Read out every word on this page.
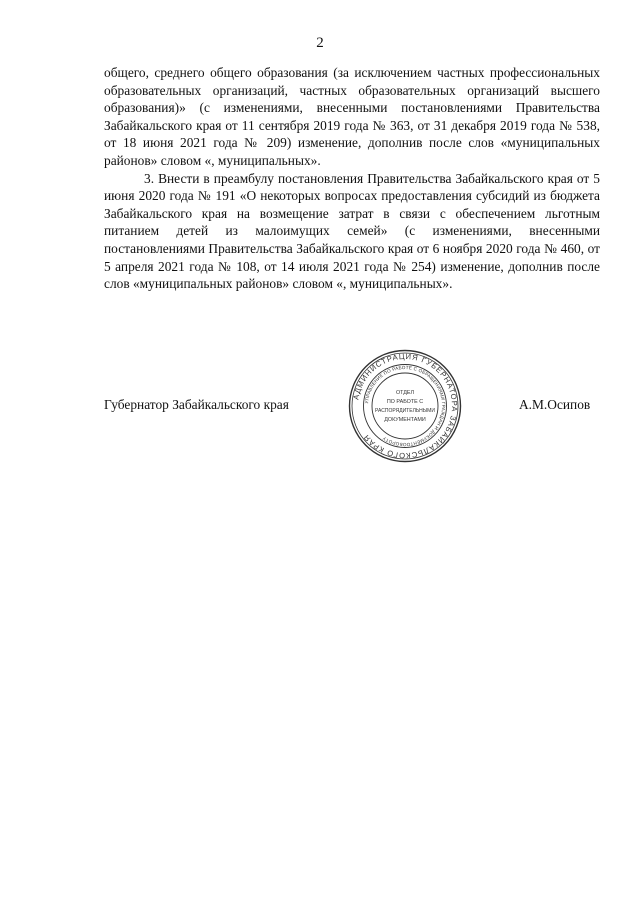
2

общего, среднего общего образования (за исключением частных профессиональных образовательных организаций, частных образовательных организаций высшего образования)» (с изменениями, внесенными постановлениями Правительства Забайкальского края от 11 сентября 2019 года № 363, от 31 декабря 2019 года № 538, от 18 июня 2021 года № 209) изменение, дополнив после слов «муниципальных районов» словом «, муниципальных».

3. Внести в преамбулу постановления Правительства Забайкальского края от 5 июня 2020 года № 191 «О некоторых вопросах предоставления субсидий из бюджета Забайкальского края на возмещение затрат в связи с обеспечением льготным питанием детей из малоимущих семей» (с изменениями, внесенными постановлениями Правительства Забайкальского края от 6 ноября 2020 года № 460, от 5 апреля 2021 года № 108, от 14 июля 2021 года № 254) изменение, дополнив после слов «муниципальных районов» словом «, муниципальных».

Губернатор Забайкальского края
АДМИНИСТРАЦИЯ ГУБЕРНАТОРА ЗАБАЙКАЛЬСКОГО КРАЯ
УПРАВЛЕНИЕ ПО РАБОТЕ С ОБРАЩЕНИЯМИ ГРАЖДАН И ДОКУМЕНТООБОРОТУ
ОТДЕЛ
ПО РАБОТЕ С
РАСПОРЯДИТЕЛЬНЫМИ
ДОКУМЕНТАМИ
А.М.Осипов
